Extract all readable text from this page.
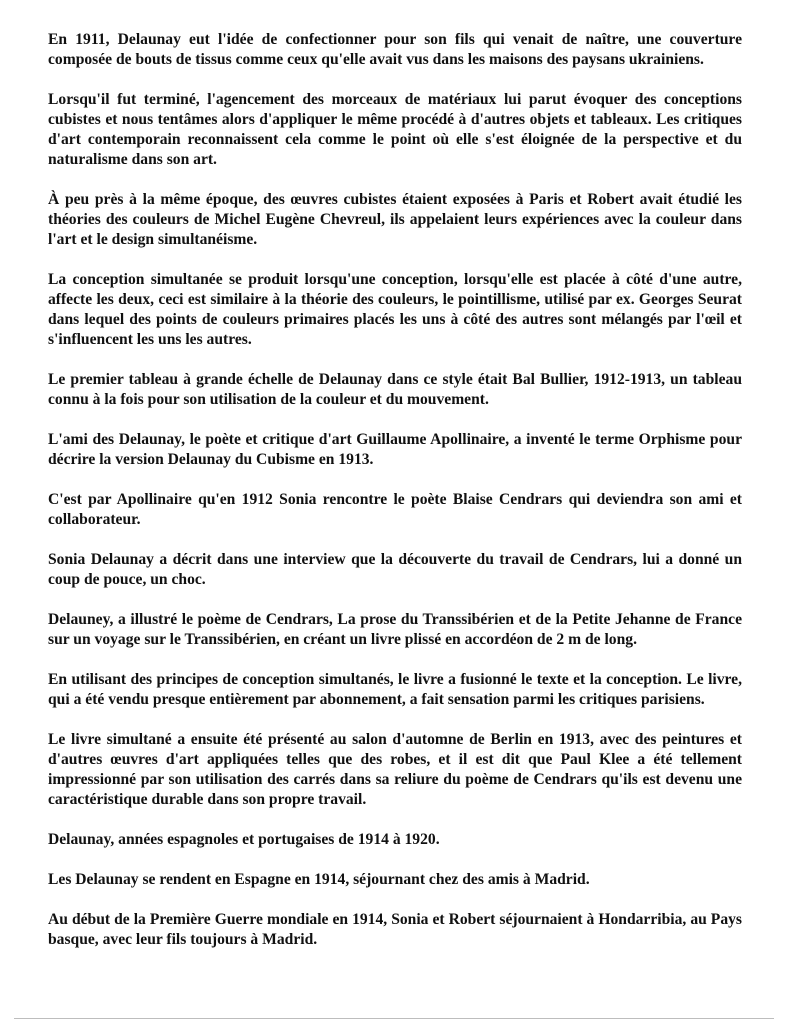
En 1911, Delaunay eut l'idée de confectionner pour son fils qui venait de naître, une couverture composée de bouts de tissus comme ceux qu'elle avait vus dans les maisons des paysans ukrainiens.

Lorsqu'il fut terminé, l'agencement des morceaux de matériaux lui parut évoquer des conceptions cubistes et nous tentâmes alors d'appliquer le même procédé à d'autres objets et tableaux. Les critiques d'art contemporain reconnaissent cela comme le point où elle s'est éloignée de la perspective et du naturalisme dans son art.

À peu près à la même époque, des œuvres cubistes étaient exposées à Paris et Robert avait étudié les théories des couleurs de Michel Eugène Chevreul, ils appelaient leurs expériences avec la couleur dans l'art et le design simultanéisme.

La conception simultanée se produit lorsqu'une conception, lorsqu'elle est placée à côté d'une autre, affecte les deux, ceci est similaire à la théorie des couleurs, le pointillisme, utilisé par ex. Georges Seurat dans lequel des points de couleurs primaires placés les uns à côté des autres sont mélangés par l'œil et s'influencent les uns les autres.

Le premier tableau à grande échelle de Delaunay dans ce style était Bal Bullier, 1912-1913, un tableau connu à la fois pour son utilisation de la couleur et du mouvement.

L'ami des Delaunay, le poète et critique d'art Guillaume Apollinaire, a inventé le terme Orphisme pour décrire la version Delaunay du Cubisme en 1913.

C'est par Apollinaire qu'en 1912 Sonia rencontre le poète Blaise Cendrars qui deviendra son ami et collaborateur.

Sonia Delaunay a décrit dans une interview que la découverte du travail de Cendrars, lui a donné un coup de pouce, un choc.

Delauney, a illustré le poème de Cendrars, La prose du Transsibérien et de la Petite Jehanne de France sur un voyage sur le Transsibérien, en créant un livre plissé en accordéon de 2 m de long.

En utilisant des principes de conception simultanés, le livre a fusionné le texte et la conception. Le livre, qui a été vendu presque entièrement par abonnement, a fait sensation parmi les critiques parisiens.

Le livre simultané a ensuite été présenté au salon d'automne de Berlin en 1913, avec des peintures et d'autres œuvres d'art appliquées telles que des robes, et il est dit que Paul Klee a été tellement impressionné par son utilisation des carrés dans sa reliure du poème de Cendrars qu'ils est devenu une caractéristique durable dans son propre travail.

Delaunay, années espagnoles et portugaises de 1914 à 1920.

Les Delaunay se rendent en Espagne en 1914, séjournant chez des amis à Madrid.

Au début de la Première Guerre mondiale en 1914, Sonia et Robert séjournaient à Hondarribia, au Pays basque, avec leur fils toujours à Madrid.
